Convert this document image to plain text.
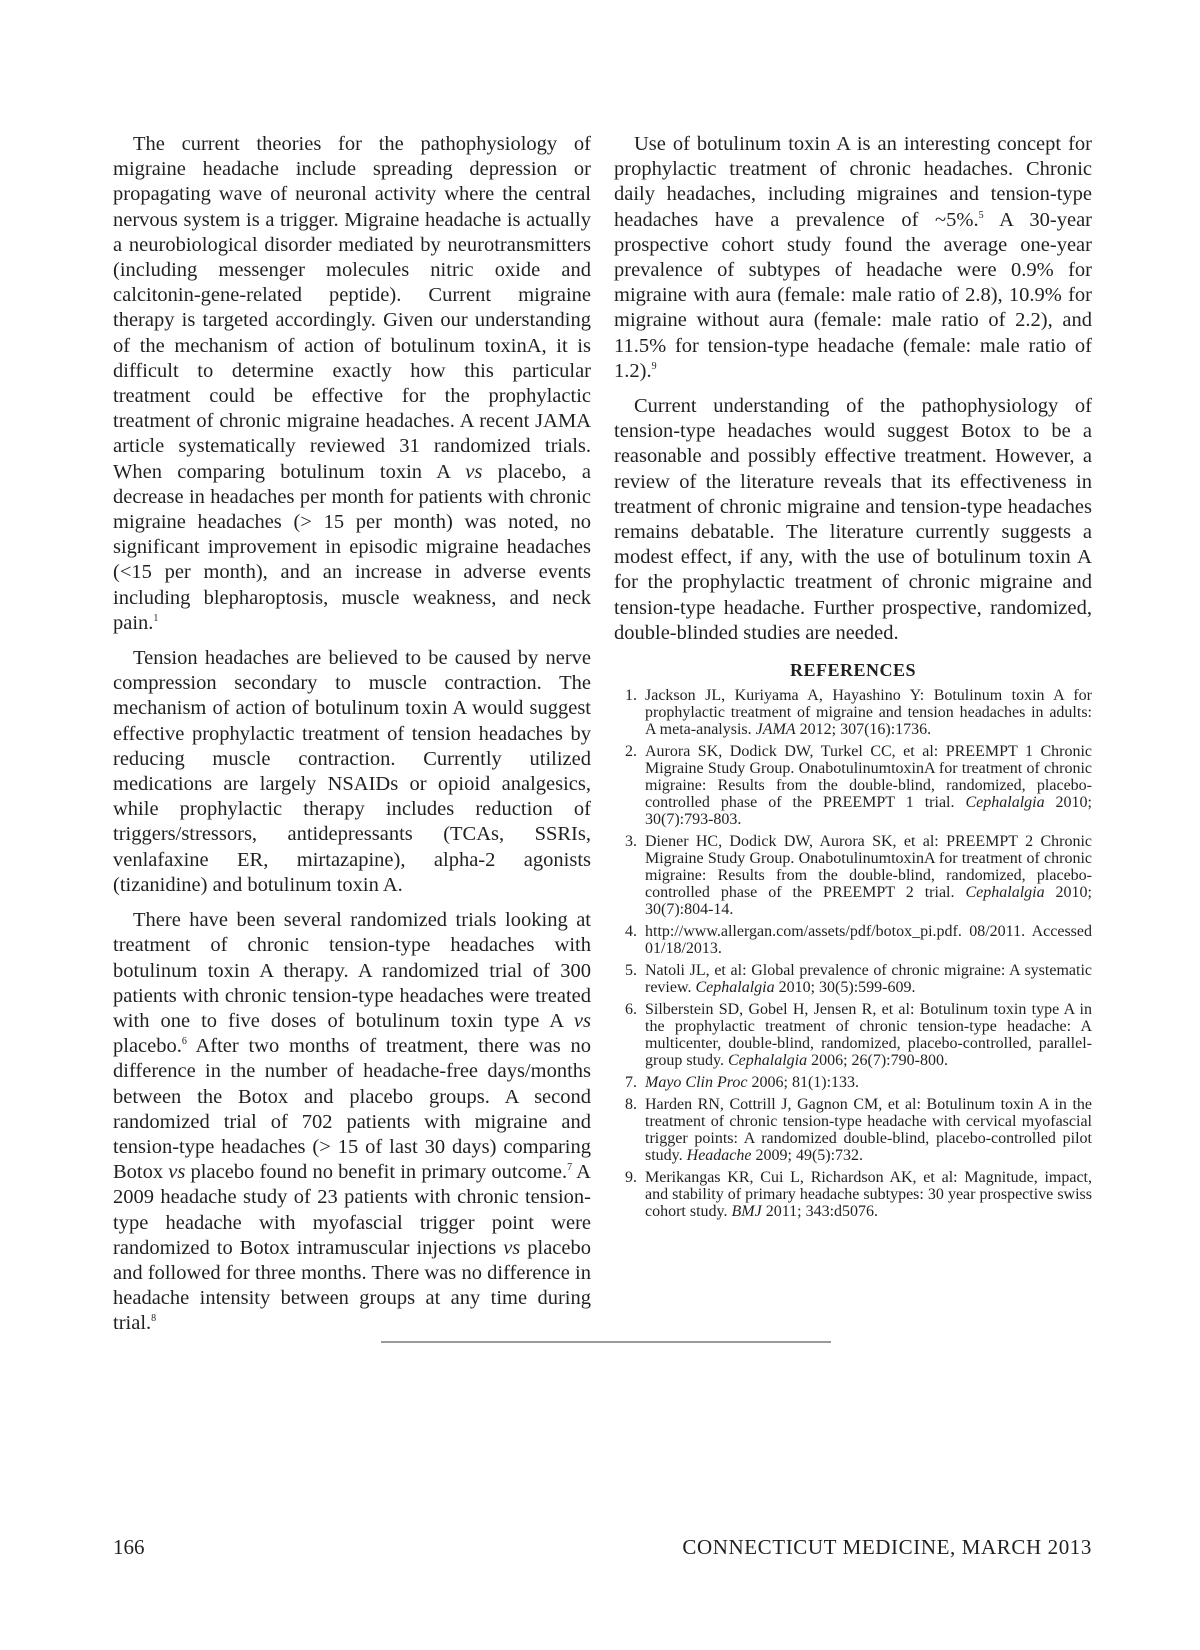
The current theories for the pathophysiology of migraine headache include spreading depression or propagating wave of neuronal activity where the central nervous system is a trigger. Migraine headache is actually a neurobiological disorder mediated by neurotransmitters (including messenger molecules nitric oxide and calcitonin-gene-related peptide). Current migraine therapy is targeted accordingly. Given our understanding of the mechanism of action of botulinum toxinA, it is difficult to determine exactly how this particular treatment could be effective for the prophylactic treatment of chronic migraine headaches. A recent JAMA article systematically reviewed 31 randomized trials. When comparing botulinum toxin A vs placebo, a decrease in headaches per month for patients with chronic migraine headaches (> 15 per month) was noted, no significant improvement in episodic migraine headaches (<15 per month), and an increase in adverse events including blepharoptosis, muscle weakness, and neck pain.$^1$

Tension headaches are believed to be caused by nerve compression secondary to muscle contraction. The mechanism of action of botulinum toxin A would suggest effective prophylactic treatment of tension headaches by reducing muscle contraction. Currently utilized medications are largely NSAIDs or opioid analgesics, while prophylactic therapy includes reduction of triggers/stressors, antidepressants (TCAs, SSRIs, venlafaxine ER, mirtazapine), alpha-2 agonists (tizanidine) and botulinum toxin A.

There have been several randomized trials looking at treatment of chronic tension-type headaches with botulinum toxin A therapy. A randomized trial of 300 patients with chronic tension-type headaches were treated with one to five doses of botulinum toxin type A vs placebo.$^6$ After two months of treatment, there was no difference in the number of headache-free days/months between the Botox and placebo groups. A second randomized trial of 702 patients with migraine and tension-type headaches (> 15 of last 30 days) comparing Botox vs placebo found no benefit in primary outcome.$^7$ A 2009 headache study of 23 patients with chronic tension-type headache with myofascial trigger point were randomized to Botox intramuscular injections vs placebo and followed for three months. There was no difference in headache intensity between groups at any time during trial.$^8$

Use of botulinum toxin A is an interesting concept for prophylactic treatment of chronic headaches. Chronic daily headaches, including migraines and tension-type headaches have a prevalence of ~5%.$^5$ A 30-year prospective cohort study found the average one-year prevalence of subtypes of headache were 0.9% for migraine with aura (female: male ratio of 2.8), 10.9% for migraine without aura (female: male ratio of 2.2), and 11.5% for tension-type headache (female: male ratio of 1.2).$^9$

Current understanding of the pathophysiology of tension-type headaches would suggest Botox to be a reasonable and possibly effective treatment. However, a review of the literature reveals that its effectiveness in treatment of chronic migraine and tension-type headaches remains debatable. The literature currently suggests a modest effect, if any, with the use of botulinum toxin A for the prophylactic treatment of chronic migraine and tension-type headache. Further prospective, randomized, double-blinded studies are needed.

REFERENCES
1. Jackson JL, Kuriyama A, Hayashino Y: Botulinum toxin A for prophylactic treatment of migraine and tension headaches in adults: A meta-analysis. JAMA 2012; 307(16):1736.
2. Aurora SK, Dodick DW, Turkel CC, et al: PREEMPT 1 Chronic Migraine Study Group. OnabotulinumtoxinA for treatment of chronic migraine: Results from the double-blind, randomized, placebo-controlled phase of the PREEMPT 1 trial. Cephalalgia 2010; 30(7):793-803.
3. Diener HC, Dodick DW, Aurora SK, et al: PREEMPT 2 Chronic Migraine Study Group. OnabotulinumtoxinA for treatment of chronic migraine: Results from the double-blind, randomized, placebo-controlled phase of the PREEMPT 2 trial. Cephalalgia 2010; 30(7):804-14.
4. http://www.allergan.com/assets/pdf/botox_pi.pdf. 08/2011. Accessed 01/18/2013.
5. Natoli JL, et al: Global prevalence of chronic migraine: A systematic review. Cephalalgia 2010; 30(5):599-609.
6. Silberstein SD, Gobel H, Jensen R, et al: Botulinum toxin type A in the prophylactic treatment of chronic tension-type headache: A multicenter, double-blind, randomized, placebo-controlled, parallel-group study. Cephalalgia 2006; 26(7):790-800.
7. Mayo Clin Proc 2006; 81(1):133.
8. Harden RN, Cottrill J, Gagnon CM, et al: Botulinum toxin A in the treatment of chronic tension-type headache with cervical myofascial trigger points: A randomized double-blind, placebo-controlled pilot study. Headache 2009; 49(5):732.
9. Merikangas KR, Cui L, Richardson AK, et al: Magnitude, impact, and stability of primary headache subtypes: 30 year prospective swiss cohort study. BMJ 2011; 343:d5076.
166	CONNECTICUT MEDICINE, MARCH 2013
